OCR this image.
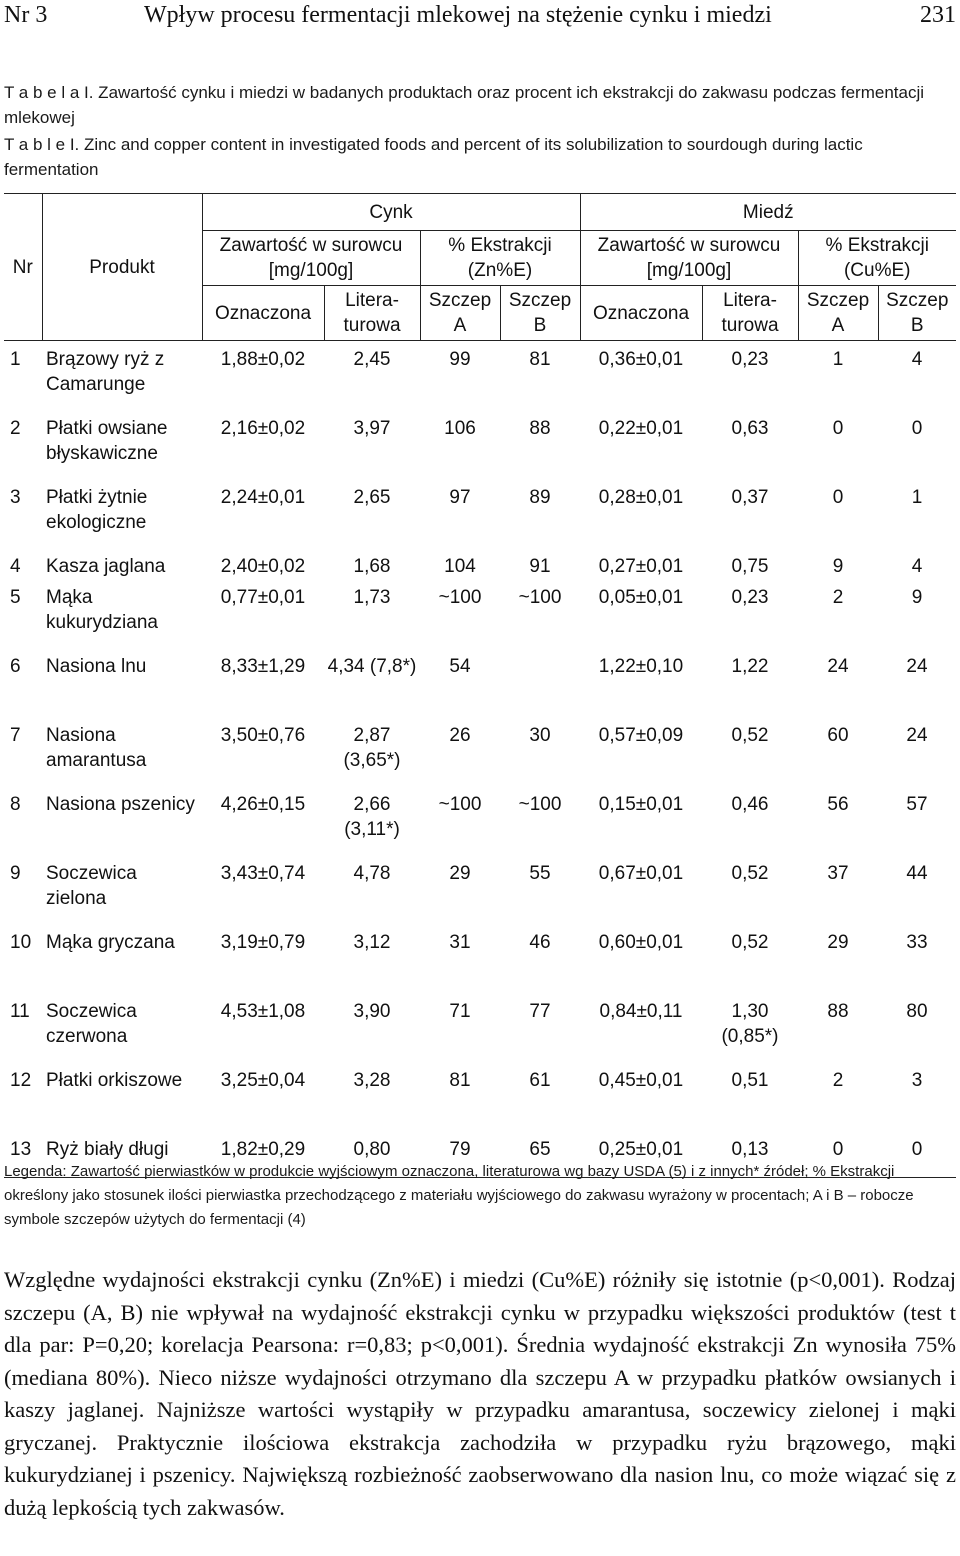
Nr 3	Wpływ procesu fermentacji mlekowej na stężenie cynku i miedzi	231
T a b e l a I. Zawartość cynku i miedzi w badanych produktach oraz procent ich ekstrakcji do zakwasu podczas fermentacji mlekowej
T a b l e I. Zinc and copper content in investigated foods and percent of its solubilization to sourdough during lactic fermentation
Nr	Produkt	Cynk				Miedź			
		Zawartość w surowcu [mg/100g]		% Ekstrakcji (Zn%E)		Zawartość w surowcu [mg/100g]		% Ekstrakcji (Cu%E)	
		Oznaczona	Litera- turowa	Szczep A	Szczep B	Oznaczona	Litera- turowa	Szczep A	Szczep B
1	Brązowy ryż z Camarunge	1,88±0,02	2,45	99	81	0,36±0,01	0,23	1	4
2	Płatki owsiane błyskawiczne	2,16±0,02	3,97	106	88	0,22±0,01	0,63	0	0
3	Płatki żytnie ekologiczne	2,24±0,01	2,65	97	89	0,28±0,01	0,37	0	1
4	Kasza jaglana	2,40±0,02	1,68	104	91	0,27±0,01	0,75	9	4
5	Mąka kukurydziana	0,77±0,01	1,73	~100	~100	0,05±0,01	0,23	2	9
6	Nasiona lnu	8,33±1,29	4,34 (7,8*)	54		1,22±0,10	1,22	24	24
7	Nasiona amarantusa	3,50±0,76	2,87 (3,65*)	26	30	0,57±0,09	0,52	60	24
8	Nasiona pszenicy	4,26±0,15	2,66 (3,11*)	~100	~100	0,15±0,01	0,46	56	57
9	Soczewica zielona	3,43±0,74	4,78	29	55	0,67±0,01	0,52	37	44
10	Mąka gryczana	3,19±0,79	3,12	31	46	0,60±0,01	0,52	29	33
11	Soczewica czerwona	4,53±1,08	3,90	71	77	0,84±0,11	1,30 (0,85*)	88	80
12	Płatki orkiszowe	3,25±0,04	3,28	81	61	0,45±0,01	0,51	2	3
13	Ryż biały długi	1,82±0,29	0,80	79	65	0,25±0,01	0,13	0	0
Legenda: Zawartość pierwiastków w produkcie wyjściowym oznaczona, literaturowa wg bazy USDA (5) i z innych* źródeł; % Ekstrakcji określony jako stosunek ilości pierwiastka przechodzącego z materiału wyjściowego do zakwasu wyrażony w procentach; A i B – robocze symbole szczepów użytych do fermentacji (4)
Względne wydajności ekstrakcji cynku (Zn%E) i miedzi (Cu%E) różniły się istotnie (p<0,001). Rodzaj szczepu (A, B) nie wpływał na wydajność ekstrakcji cynku w przypadku większości produktów (test t dla par: P=0,20; korelacja Pearsona: r=0,83; p<0,001). Średnia wydajność ekstrakcji Zn wynosiła 75% (mediana 80%). Nieco niższe wydajności otrzymano dla szczepu A w przypadku płatków owsianych i kaszy jaglanej. Najniższe wartości wystąpiły w przypadku amarantusa, soczewicy zielonej i mąki gryczanej. Praktycznie ilościowa ekstrakcja zachodziła w przypadku ryżu brązowego, mąki kukurydzianej i pszenicy. Największą rozbieżność zaobserwowano dla nasion lnu, co może wiązać się z dużą lepkością tych zakwasów.
